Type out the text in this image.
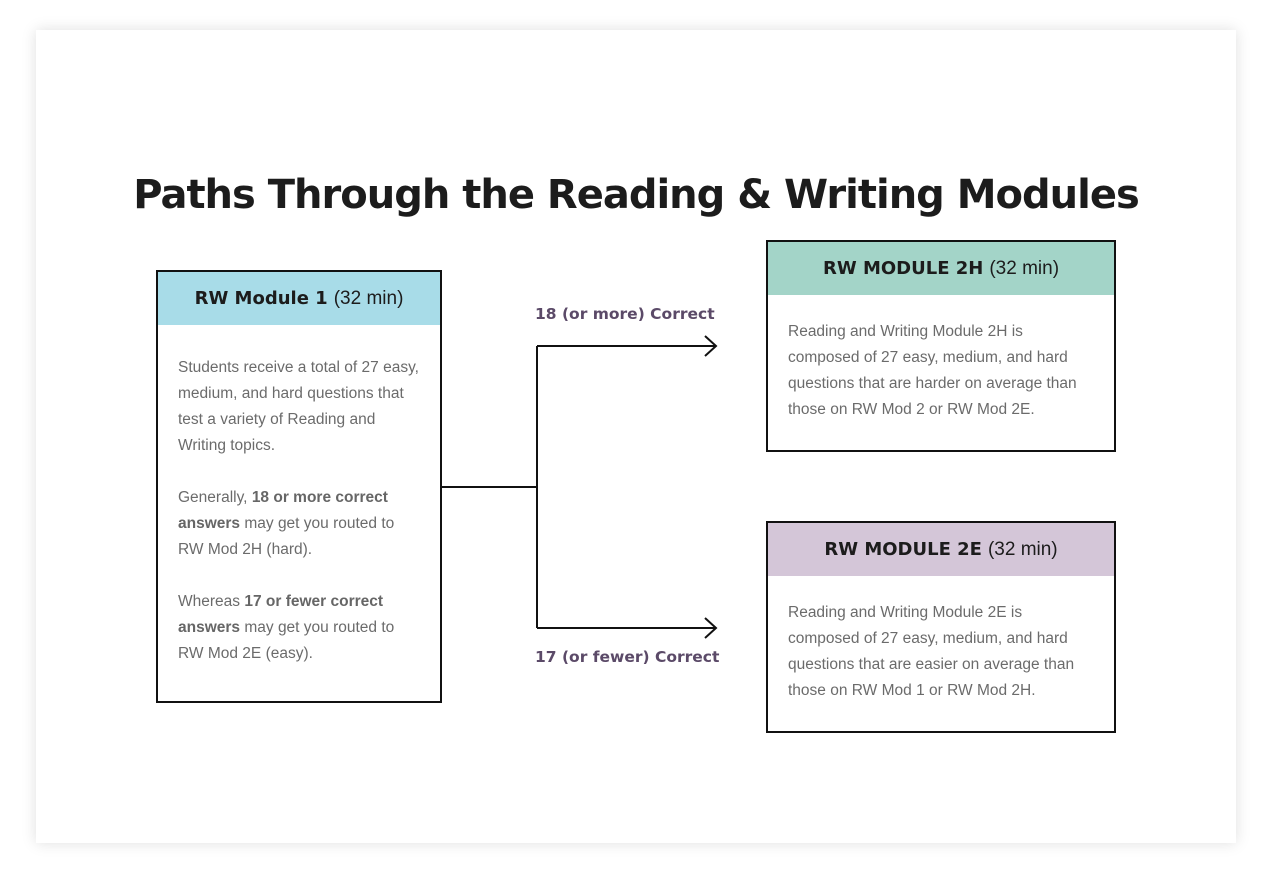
Paths Through the Reading & Writing Modules
18 (or more) Correct
17 (or fewer) Correct
RW Module 1 (32 min)

Students receive a total of 27 easy, medium, and hard questions that test a variety of Reading and Writing topics.

Generally, 18 or more correct answers may get you routed to RW Mod 2H (hard).

Whereas 17 or fewer correct answers may get you routed to RW Mod 2E (easy).

RW MODULE 2H (32 min)

Reading and Writing Module 2H is composed of 27 easy, medium, and hard questions that are harder on average than those on RW Mod 2 or RW Mod 2E.

RW MODULE 2E (32 min)

Reading and Writing Module 2E is composed of 27 easy, medium, and hard questions that are easier on average than those on RW Mod 1 or RW Mod 2H.
